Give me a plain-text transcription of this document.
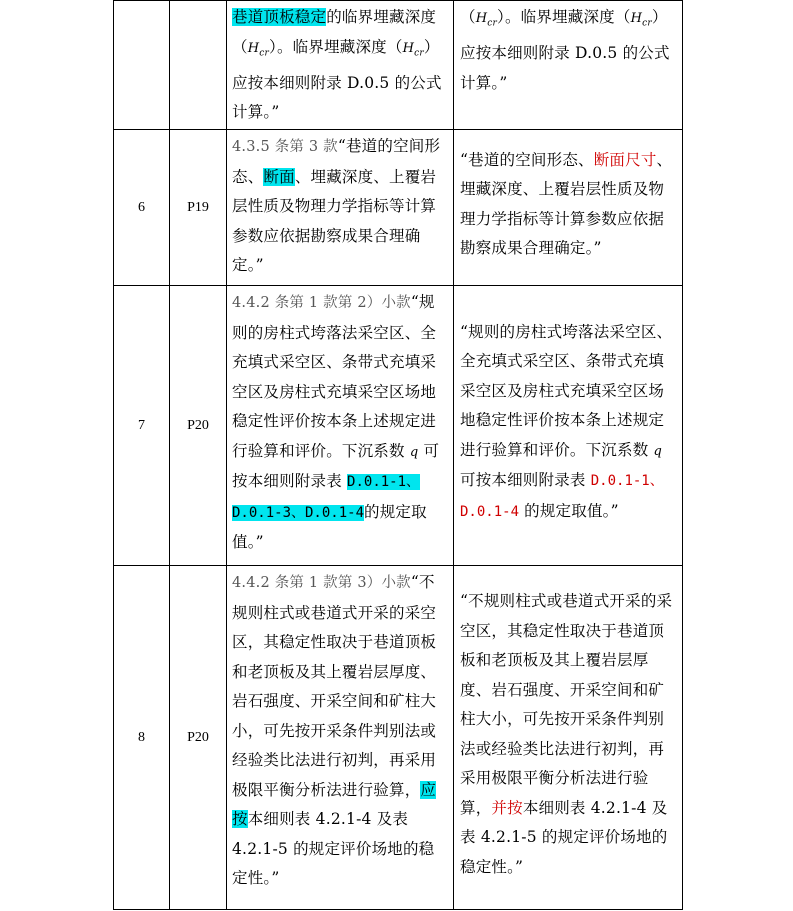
		巷道顶板稳定的临界埋藏深度$(H_{cr})$。临界埋藏深度$(H_{cr})$应按本细则附录 D.0.5 的公式计算。”	$(H_{cr})$。临界埋藏深度$(H_{cr})$应按本细则附录 D.0.5 的公式计算。”
6	P19	4.3.5 条第 3 款“巷道的空间形态、断面、埋藏深度、上覆岩层性质及物理力学指标等计算参数应依据勘察成果合理确定。”	“巷道的空间形态、断面尺寸、埋藏深度、上覆岩层性质及物理力学指标等计算参数应依据勘察成果合理确定。”
7	P20	4.4.2 条第 1 款第 2）小款“规则的房柱式垮落法采空区、全充填式采空区、条带式充填采空区及房柱式充填采空区场地稳定性评价按本条上述规定进行验算和评价。下沉系数 q 可按本细则附录表 D.0.1-1、D.0.1-3、D.0.1-4的规定取值。”	“规则的房柱式垮落法采空区、全充填式采空区、条带式充填采空区及房柱式充填采空区场地稳定性评价按本条上述规定进行验算和评价。下沉系数 q 可按本细则附录表 D.0.1-1、D.0.1-4 的规定取值。”
8	P20	4.4.2 条第 1 款第 3）小款“不规则柱式或巷道式开采的采空区，其稳定性取决于巷道顶板和老顶板及其上覆岩层厚度、岩石强度、开采空间和矿柱大小，可先按开采条件判别法或经验类比法进行初判，再采用极限平衡分析法进行验算，应按本细则表 4.2.1-4 及表 4.2.1-5 的规定评价场地的稳定性。”	“不规则柱式或巷道式开采的采空区，其稳定性取决于巷道顶板和老顶板及其上覆岩层厚度、岩石强度、开采空间和矿柱大小，可先按开采条件判别法或经验类比法进行初判，再采用极限平衡分析法进行验算，并按本细则表 4.2.1-4 及表 4.2.1-5 的规定评价场地的稳定性。”
